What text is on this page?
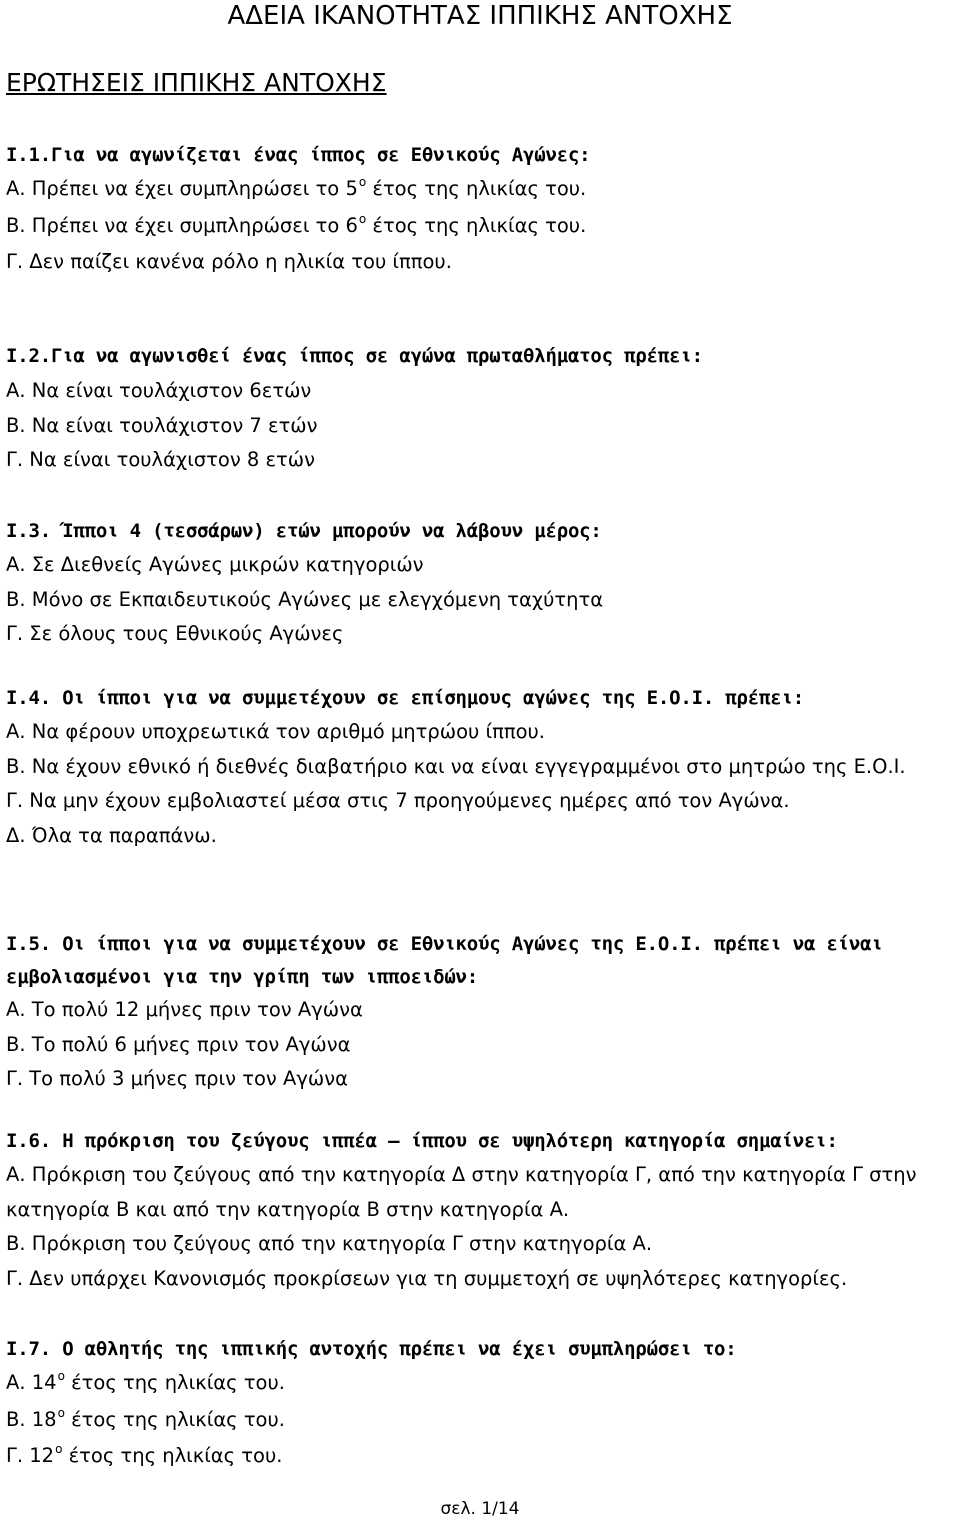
ΑΔΕΙΑ ΙΚΑΝΟΤΗΤΑΣ ΙΠΠΙΚΗΣ ΑΝΤΟΧΗΣ
ΕΡΩΤΗΣΕΙΣ ΙΠΠΙΚΗΣ ΑΝΤΟΧΗΣ

Ι.1.Για να αγωνίζεται ένας ίππος σε Εθνικούς Αγώνες:

Α. Πρέπει να έχει συμπληρώσει το $5^o$ έτος της ηλικίας του.

Β. Πρέπει να έχει συμπληρώσει το $6^o$ έτος της ηλικίας του.

Γ. Δεν παίζει κανένα ρόλο η ηλικία του ίππου.

Ι.2.Για να αγωνισθεί ένας ίππος σε αγώνα πρωταθλήματος πρέπει:

Α. Να είναι τουλάχιστον 6ετών

Β. Να είναι τουλάχιστον 7 ετών

Γ. Να είναι τουλάχιστον 8 ετών

Ι.3. Ίπποι 4 (τεσσάρων) ετών μπορούν να λάβουν μέρος:

Α. Σε Διεθνείς Αγώνες μικρών κατηγοριών

Β. Μόνο σε Εκπαιδευτικούς Αγώνες με ελεγχόμενη ταχύτητα

Γ. Σε όλους τους Εθνικούς Αγώνες

Ι.4. Οι ίπποι για να συμμετέχουν σε επίσημους αγώνες της Ε.Ο.Ι. πρέπει:

Α. Να φέρουν υποχρεωτικά τον αριθμό μητρώου ίππου.

Β. Να έχουν εθνικό ή διεθνές διαβατήριο και να είναι εγγεγραμμένοι στο μητρώο της Ε.Ο.Ι.

Γ. Να μην έχουν εμβολιαστεί μέσα στις 7 προηγούμενες ημέρες από τον Αγώνα.

Δ. Όλα τα παραπάνω.

Ι.5. Οι ίπποι για να συμμετέχουν σε Εθνικούς Αγώνες της Ε.Ο.Ι. πρέπει να είναι εμβολιασμένοι για την γρίπη των ιπποειδών:

Α. Το πολύ 12 μήνες πριν τον Αγώνα

Β. Το πολύ 6 μήνες πριν τον Αγώνα

Γ. Το πολύ 3 μήνες πριν τον Αγώνα

Ι.6. Η πρόκριση του ζεύγους ιππέα – ίππου σε υψηλότερη κατηγορία σημαίνει:

Α. Πρόκριση του ζεύγους από την κατηγορία Δ στην κατηγορία Γ, από την κατηγορία Γ στην κατηγορία Β και από την κατηγορία Β στην κατηγορία Α.

Β. Πρόκριση του ζεύγους από την κατηγορία Γ στην κατηγορία Α.

Γ. Δεν υπάρχει Κανονισμός προκρίσεων για τη συμμετοχή σε υψηλότερες κατηγορίες.

Ι.7. Ο αθλητής της ιππικής αντοχής πρέπει να έχει συμπληρώσει το:

Α. $14^o$ έτος της ηλικίας του.

Β. $18^o$ έτος της ηλικίας του.

Γ. $12^o$ έτος της ηλικίας του.

σελ. 1/14
